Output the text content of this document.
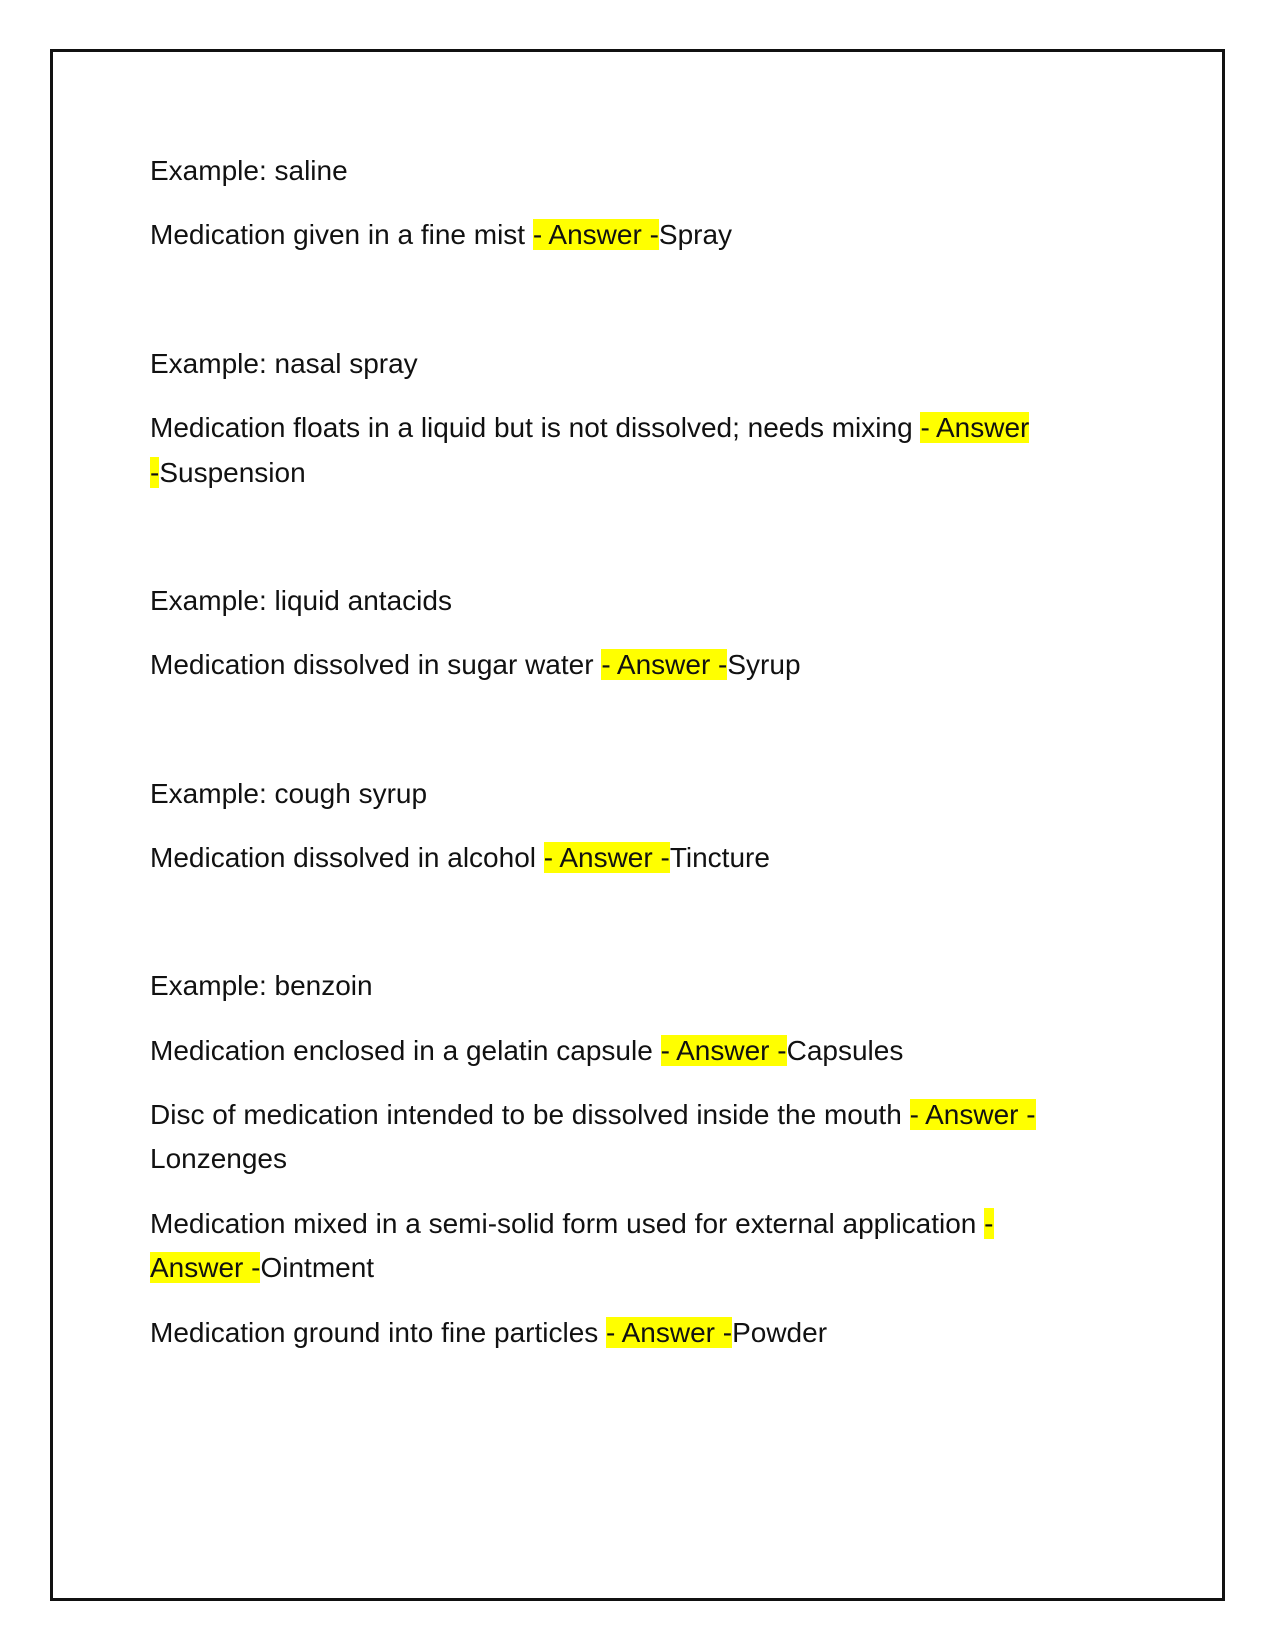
Example: saline

Medication given in a fine mist - Answer -Spray

Example: nasal spray

Medication floats in a liquid but is not dissolved; needs mixing - Answer

-Suspension

Example: liquid antacids

Medication dissolved in sugar water - Answer -Syrup

Example: cough syrup

Medication dissolved in alcohol - Answer -Tincture

Example: benzoin

Medication enclosed in a gelatin capsule - Answer -Capsules

Disc of medication intended to be dissolved inside the mouth - Answer -

Lonzenges

Medication mixed in a semi-solid form used for external application -

Answer -Ointment

Medication ground into fine particles - Answer -Powder
